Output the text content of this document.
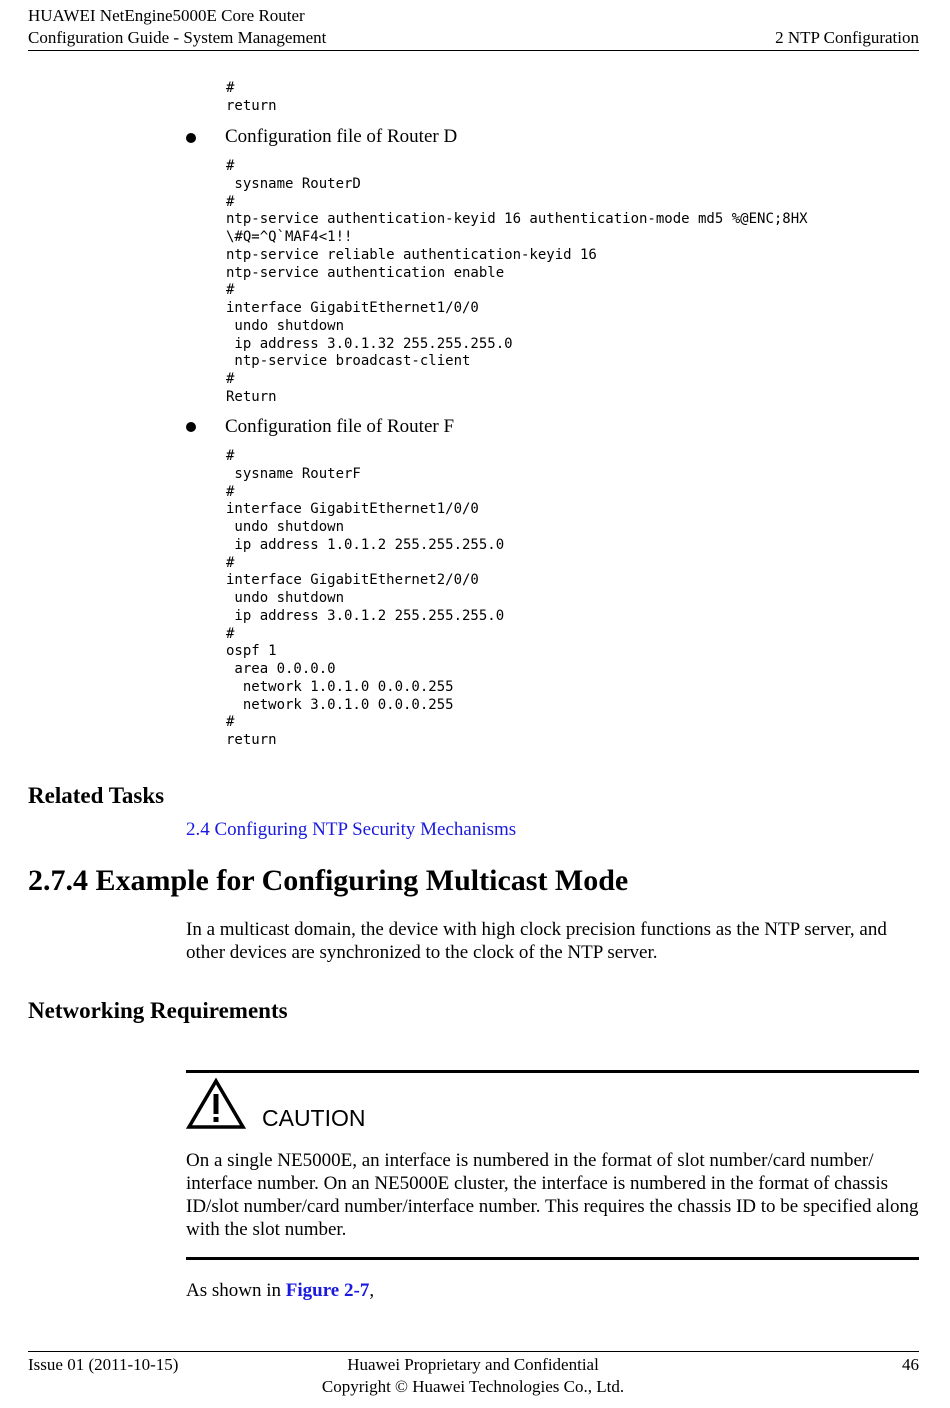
HUAWEI NetEngine5000E Core Router
Configuration Guide - System Management	2 NTP Configuration
#
return
Configuration file of Router D
#
sysname RouterD
#
ntp-service authentication-keyid 16 authentication-mode md5 %@ENC;8HX
\#Q=^Q`MAF4<1!!
ntp-service reliable authentication-keyid 16
ntp-service authentication enable
#
interface GigabitEthernet1/0/0
undo shutdown
ip address 3.0.1.32 255.255.255.0
ntp-service broadcast-client
#
Return
Configuration file of Router F
#
sysname RouterF
#
interface GigabitEthernet1/0/0
undo shutdown
ip address 1.0.1.2 255.255.255.0
#
interface GigabitEthernet2/0/0
undo shutdown
ip address 3.0.1.2 255.255.255.0
#
ospf 1
area 0.0.0.0
network 1.0.1.0 0.0.0.255
network 3.0.1.0 0.0.0.255
#
return
Related Tasks
2.4 Configuring NTP Security Mechanisms
2.7.4 Example for Configuring Multicast Mode
In a multicast domain, the device with high clock precision functions as the NTP server, and other devices are synchronized to the clock of the NTP server.
Networking Requirements
CAUTION
On a single NE5000E, an interface is numbered in the format of slot number/card number/ interface number. On an NE5000E cluster, the interface is numbered in the format of chassis ID/slot number/card number/interface number. This requires the chassis ID to be specified along with the slot number.
As shown in Figure 2-7,
Issue 01 (2011-10-15)	Huawei Proprietary and Confidential
Copyright © Huawei Technologies Co., Ltd.
46
